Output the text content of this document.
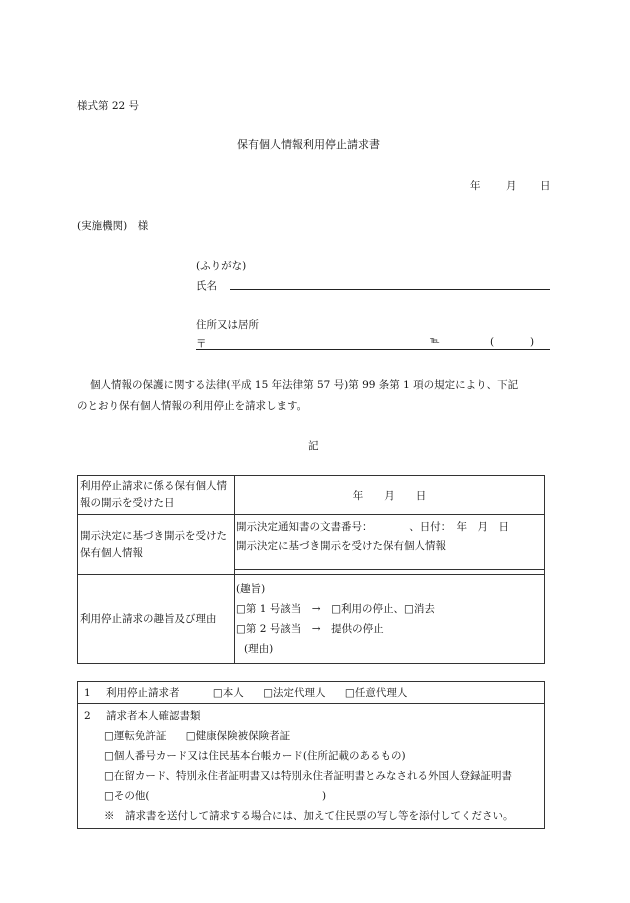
様式第 22 号
保有個人情報利用停止請求書
年 月 日
(実施機関)　様
(ふりがな)
氏名
住所又は居所
〒	℡	(	)
個人情報の保護に関する法律(平成 15 年法律第 57 号)第 99 条第 1 項の規定により、下記
のとおり保有個人情報の利用停止を請求します。
記
利用停止請求に係る保有個人情報の開示を受けた日	年　　月　　日

開示決定に基づき開示を受けた保有個人情報	開示決定通知書の文書番号：　　　　、日付：　年　月　日
開示決定に基づき開示を受けた保有個人情報

利用停止請求の趣旨及び理由	(趣旨)
□第 1 号該当　→　□利用の停止、□消去
□第 2 号該当　→　提供の停止
(理由)
1 利用停止請求者	□本人 □法定代理人 □任意代理人

2 請求者本人確認書類
□運転免許証 □健康保険被保険者証
□個人番号カード又は住民基本台帳カード(住所記載のあるもの)
□在留カード、特別永住者証明書又は特別永住者証明書とみなされる外国人登録証明書
□その他(	)
※　請求書を送付して請求する場合には、加えて住民票の写し等を添付してください。
